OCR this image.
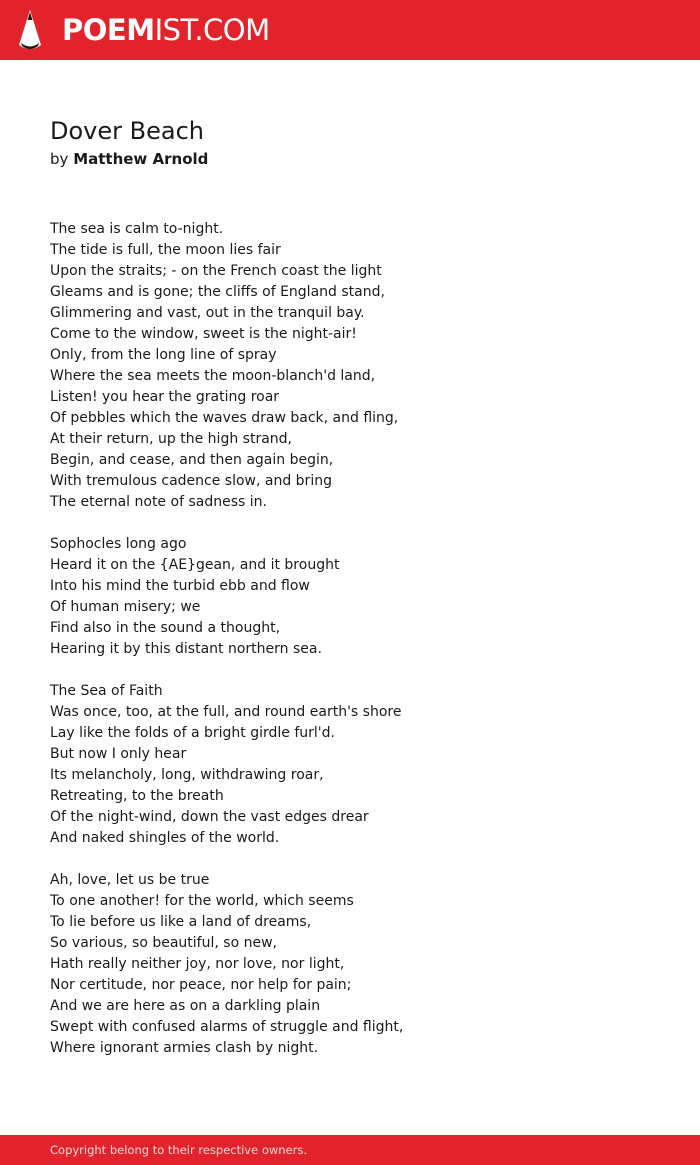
POEMIST.COM
Dover Beach
by Matthew Arnold
The sea is calm to-night.
The tide is full, the moon lies fair
Upon the straits; - on the French coast the light
Gleams and is gone; the cliffs of England stand,
Glimmering and vast, out in the tranquil bay.
Come to the window, sweet is the night-air!
Only, from the long line of spray
Where the sea meets the moon-blanch'd land,
Listen! you hear the grating roar
Of pebbles which the waves draw back, and fling,
At their return, up the high strand,
Begin, and cease, and then again begin,
With tremulous cadence slow, and bring
The eternal note of sadness in.
Sophocles long ago
Heard it on the {AE}gean, and it brought
Into his mind the turbid ebb and flow
Of human misery; we
Find also in the sound a thought,
Hearing it by this distant northern sea.
The Sea of Faith
Was once, too, at the full, and round earth's shore
Lay like the folds of a bright girdle furl'd.
But now I only hear
Its melancholy, long, withdrawing roar,
Retreating, to the breath
Of the night-wind, down the vast edges drear
And naked shingles of the world.
Ah, love, let us be true
To one another! for the world, which seems
To lie before us like a land of dreams,
So various, so beautiful, so new,
Hath really neither joy, nor love, nor light,
Nor certitude, nor peace, nor help for pain;
And we are here as on a darkling plain
Swept with confused alarms of struggle and flight,
Where ignorant armies clash by night.
Copyright belong to their respective owners.
